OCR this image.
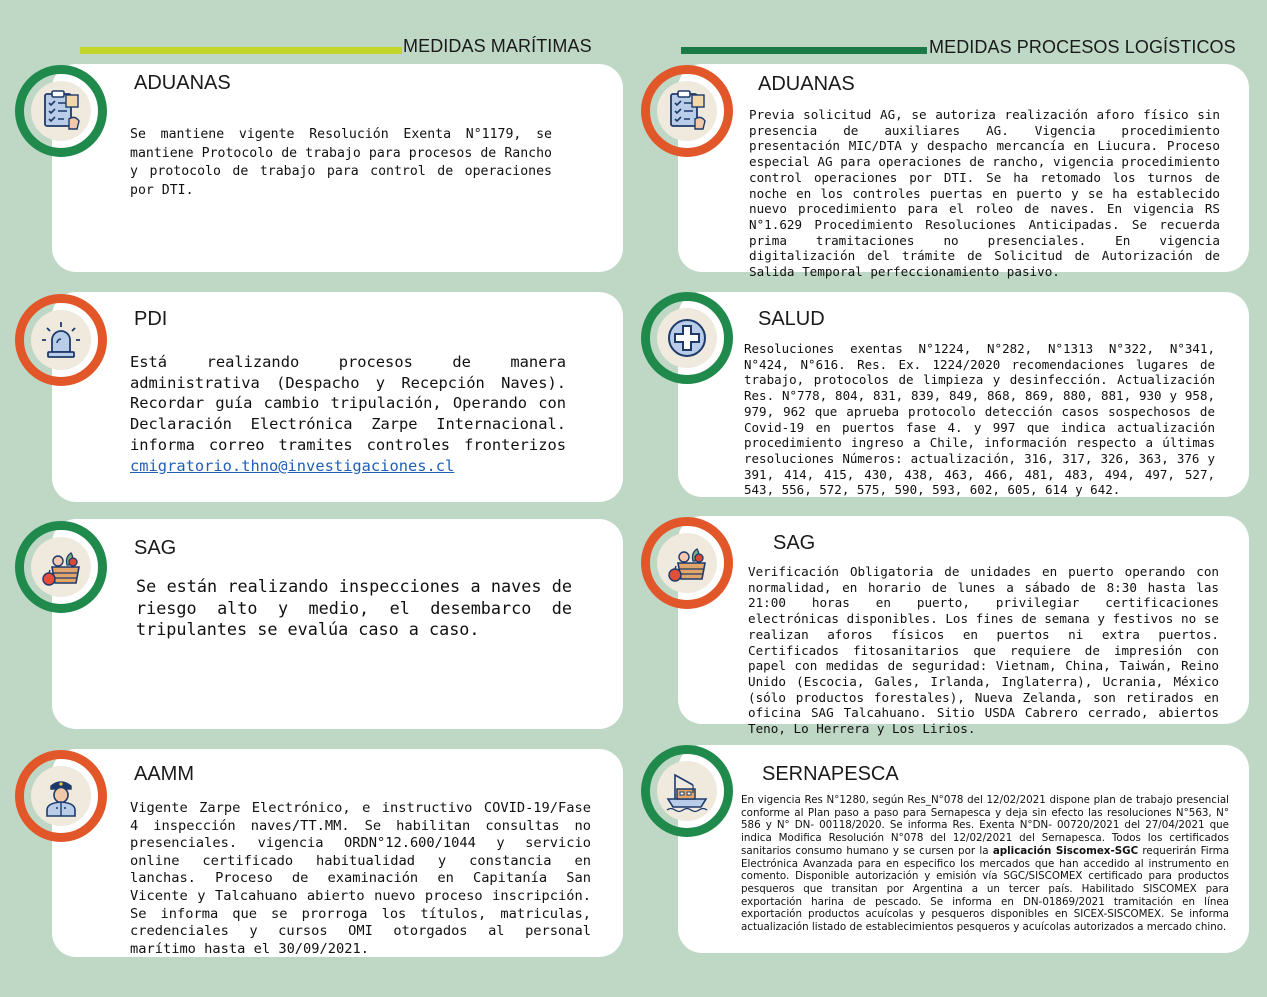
MEDIDAS MARÍTIMAS	MEDIDAS PROCESOS LOGÍSTICOS
ADUANAS
Se mantiene vigente Resolución Exenta N°1179, se mantiene Protocolo de trabajo para procesos de Rancho y protocolo de trabajo para control de operaciones por DTI.
PDI
Está realizando procesos de manera administrativa (Despacho y Recepción Naves). Recordar guía cambio tripulación, Operando con Declaración Electrónica Zarpe Internacional. informa correo tramites controles fronterizos cmigratorio.thno@investigaciones.cl
SAG
Se están realizando inspecciones a naves de riesgo alto y medio, el desembarco de tripulantes se evalúa caso a caso.
AAMM
Vigente Zarpe Electrónico, e instructivo COVID-19/Fase 4 inspección naves/TT.MM. Se habilitan consultas no presenciales. vigencia ORDN°12.600/1044 y servicio online certificado habitualidad y constancia en lanchas. Proceso de examinación en Capitanía San Vicente y Talcahuano abierto nuevo proceso inscripción. Se informa que se prorroga los títulos, matriculas, credenciales y cursos OMI otorgados al personal marítimo hasta el 30/09/2021.
ADUANAS
Previa solicitud AG, se autoriza realización aforo físico sin presencia de auxiliares AG. Vigencia procedimiento presentación MIC/DTA y despacho mercancía en Liucura. Proceso especial AG para operaciones de rancho, vigencia procedimiento control operaciones por DTI. Se ha retomado los turnos de noche en los controles puertas en puerto y se ha establecido nuevo procedimiento para el roleo de naves. En vigencia RS N°1.629 Procedimiento Resoluciones Anticipadas. Se recuerda prima tramitaciones no presenciales. En vigencia digitalización del trámite de Solicitud de Autorización de Salida Temporal perfeccionamiento pasivo.
SALUD
Resoluciones exentas N°1224, N°282, N°1313 N°322, N°341, N°424, N°616. Res. Ex. 1224/2020 recomendaciones lugares de trabajo, protocolos de limpieza y desinfección. Actualización Res. N°778, 804, 831, 839, 849, 868, 869, 880, 881, 930 y 958, 979, 962 que aprueba protocolo detección casos sospechosos de Covid-19 en puertos fase 4. y 997 que indica actualización procedimiento ingreso a Chile, información respecto a últimas resoluciones Números: actualización, 316, 317, 326, 363, 376 y 391, 414, 415, 430, 438, 463, 466, 481, 483, 494, 497, 527, 543, 556, 572, 575, 590, 593, 602, 605, 614 y 642.
SAG
Verificación Obligatoria de unidades en puerto operando con normalidad, en horario de lunes a sábado de 8:30 hasta las 21:00 horas en puerto, privilegiar certificaciones electrónicas disponibles. Los fines de semana y festivos no se realizan aforos físicos en puertos ni extra puertos. Certificados fitosanitarios que requiere de impresión con papel con medidas de seguridad: Vietnam, China, Taiwán, Reino Unido (Escocia, Gales, Irlanda, Inglaterra), Ucrania, México (sólo productos forestales), Nueva Zelanda, son retirados en oficina SAG Talcahuano. Sitio USDA Cabrero cerrado, abiertos Teno, Lo Herrera y Los Lirios.
SERNAPESCA
En vigencia Res N°1280, según Res_N°078 del 12/02/2021 dispone plan de trabajo presencial conforme al Plan paso a paso para Sernapesca y deja sin efecto las resoluciones N°563, N° 586 y N° DN- 00118/2020. Se informa Res. Exenta N°DN- 00720/2021 del 27/04/2021 que indica Modifica Resolución N°078 del 12/02/2021 del Sernapesca. Todos los certificados sanitarios consumo humano y se cursen por la aplicación Siscomex-SGC requerirán Firma Electrónica Avanzada para en especifico los mercados que han accedido al instrumento en comento. Disponible autorización y emisión vía SGC/SISCOMEX certificado para productos pesqueros que transitan por Argentina a un tercer país. Habilitado SISCOMEX para exportación harina de pescado. Se informa en DN-01869/2021 tramitación en línea exportación productos acuícolas y pesqueros disponibles en SICEX-SISCOMEX. Se informa actualización listado de establecimientos pesqueros y acuícolas autorizados a mercado chino.
